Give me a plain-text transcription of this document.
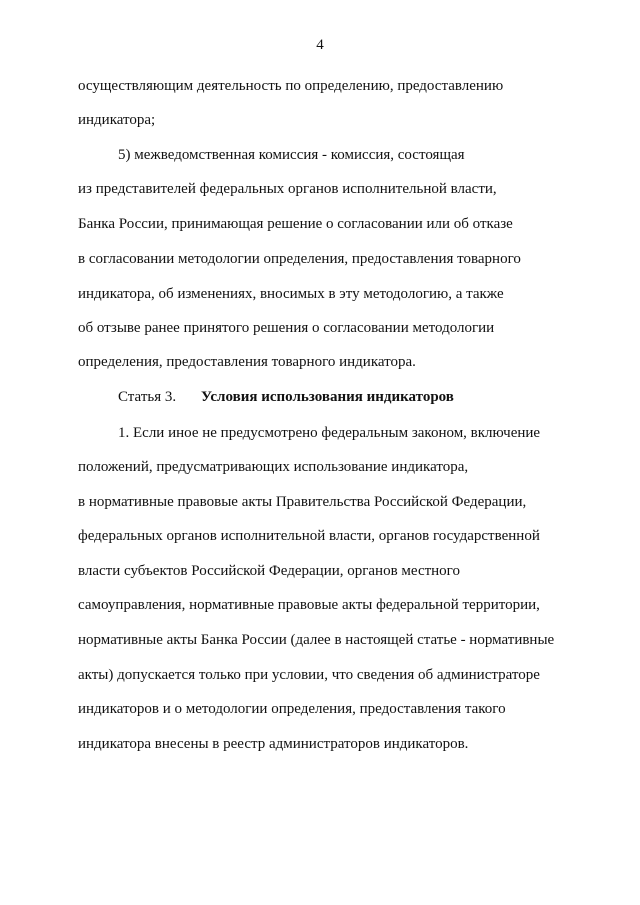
4
осуществляющим деятельность по определению, предоставлению
индикатора;
5) межведомственная комиссия - комиссия, состоящая
из представителей федеральных органов исполнительной власти,
Банка России, принимающая решение о согласовании или об отказе
в согласовании методологии определения, предоставления товарного
индикатора, об изменениях, вносимых в эту методологию, а также
об отзыве ранее принятого решения о согласовании методологии
определения, предоставления товарного индикатора.
Статья 3. Условия использования индикаторов
1. Если иное не предусмотрено федеральным законом, включение
положений, предусматривающих использование индикатора,
в нормативные правовые акты Правительства Российской Федерации,
федеральных органов исполнительной власти, органов государственной
власти субъектов Российской Федерации, органов местного
самоуправления, нормативные правовые акты федеральной территории,
нормативные акты Банка России (далее в настоящей статье - нормативные
акты) допускается только при условии, что сведения об администраторе
индикаторов и о методологии определения, предоставления такого
индикатора внесены в реестр администраторов индикаторов.
